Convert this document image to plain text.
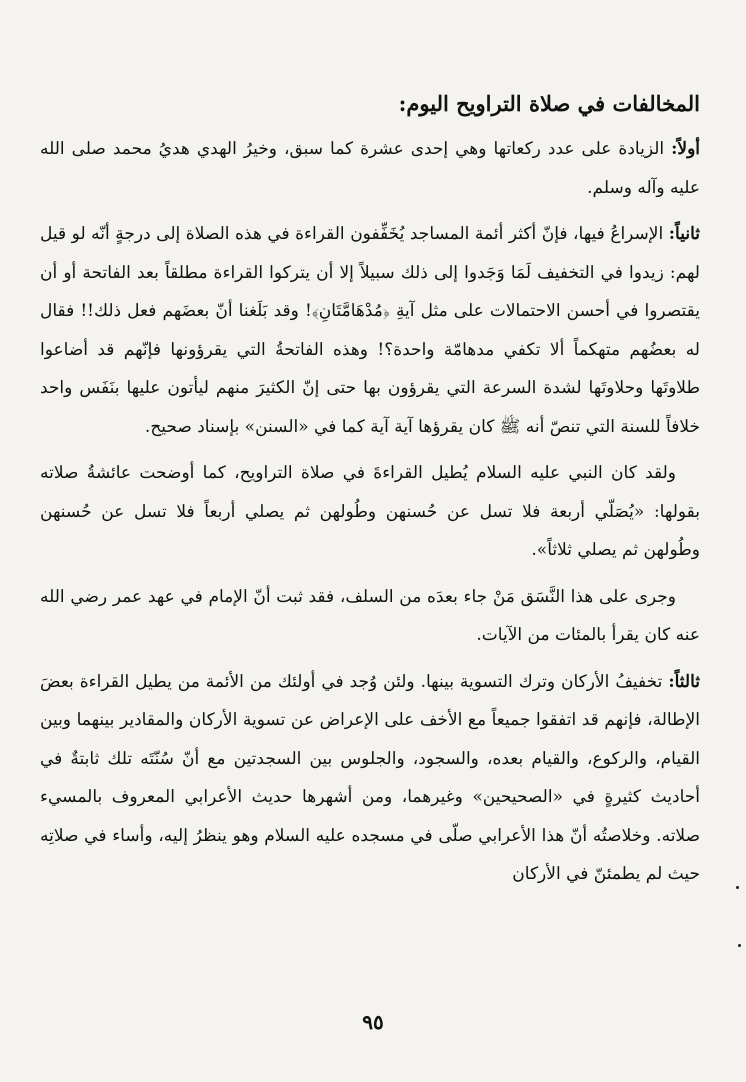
المخالفات في صلاة التراويح اليوم:

أولاً: الزيادة على عدد ركعاتها وهي إحدى عشرة كما سبق، وخيرُ الهدي هديُ محمد صلى الله عليه وآله وسلم.

ثانياً: الإسراعُ فيها، فإنّ أكثر أئمة المساجد يُخَفِّفون القراءة في هذه الصلاة إلى درجةٍ أنّه لو قيل لهم: زيدوا في التخفيف لَمَا وَجَدوا إلى ذلك سبيلاً إلا أن يتركوا القراءة مطلقاً بعد الفاتحة أو أن يقتصروا في أحسن الاحتمالات على مثل آيةِ ﴿مُدْهَامَّتَانِ﴾! وقد بَلَغنا أنّ بعضَهم فعل ذلك!! فقال له بعضُهم متهكماً ألا تكفي مدهامّة واحدة؟! وهذه الفاتحةُ التي يقرؤونها فإنّهم قد أضاعوا طلاوتَها وحلاوتَها لشدة السرعة التي يقرؤون بها حتى إنّ الكثيرَ منهم ليأتون عليها بنَفَس واحد خلافاً للسنة التي تنصّ أنه ﷺ كان يقرؤها آية آية كما في «السنن» بإسناد صحيح.

ولقد كان النبي عليه السلام يُطيل القراءةَ في صلاة التراويح، كما أوضحت عائشةُ صلاته بقولها: «يُصَلّي أربعة فلا تسل عن حُسنهن وطُولهن ثم يصلي أربعاً فلا تسل عن حُسنهن وطُولهن ثم يصلي ثلاثاً».

وجرى على هذا النَّسَق مَنْ جاء بعدَه من السلف، فقد ثبت أنّ الإمام في عهد عمر رضي الله عنه كان يقرأ بالمئات من الآيات.

ثالثاً: تخفيفُ الأركان وترك التسوية بينها. ولئن وُجد في أولئك من الأئمة من يطيل القراءة بعضَ الإطالة، فإنهم قد اتفقوا جميعاً مع الأخف على الإعراض عن تسوية الأركان والمقادير بينهما وبين القيام، والركوع، والقيام بعده، والسجود، والجلوس بين السجدتين مع أنّ سُنّتَه تلك ثابتةٌ في أحاديث كثيرةٍ في «الصحيحين» وغيرهما، ومن أشهرها حديث الأعرابي المعروف بالمسيء صلاته. وخلاصتُه أنّ هذا الأعرابي صلّى في مسجده عليه السلام وهو ينظرُ إليه، وأساء في صلاتِه حيث لم يطمئنّ في الأركان

٩٥
